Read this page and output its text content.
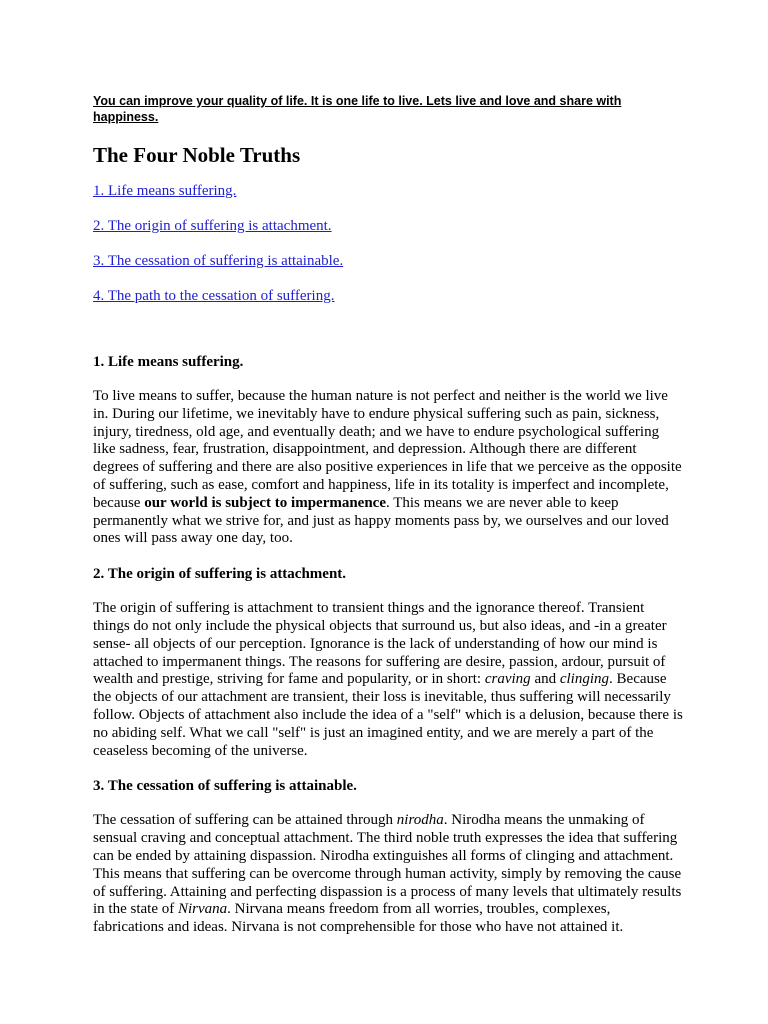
You can improve your quality of life. It is one life to live. Lets live and love and share with happiness.

The Four Noble Truths
1. Life means suffering.
2. The origin of suffering is attachment.
3. The cessation of suffering is attainable.
4. The path to the cessation of suffering.
1. Life means suffering.

To live means to suffer, because the human nature is not perfect and neither is the world we live in. During our lifetime, we inevitably have to endure physical suffering such as pain, sickness, injury, tiredness, old age, and eventually death; and we have to endure psychological suffering like sadness, fear, frustration, disappointment, and depression. Although there are different degrees of suffering and there are also positive experiences in life that we perceive as the opposite of suffering, such as ease, comfort and happiness, life in its totality is imperfect and incomplete, because our world is subject to impermanence. This means we are never able to keep permanently what we strive for, and just as happy moments pass by, we ourselves and our loved ones will pass away one day, too.

2. The origin of suffering is attachment.

The origin of suffering is attachment to transient things and the ignorance thereof. Transient things do not only include the physical objects that surround us, but also ideas, and -in a greater sense- all objects of our perception. Ignorance is the lack of understanding of how our mind is attached to impermanent things. The reasons for suffering are desire, passion, ardour, pursuit of wealth and prestige, striving for fame and popularity, or in short: craving and clinging. Because the objects of our attachment are transient, their loss is inevitable, thus suffering will necessarily follow. Objects of attachment also include the idea of a "self" which is a delusion, because there is no abiding self. What we call "self" is just an imagined entity, and we are merely a part of the ceaseless becoming of the universe.

3. The cessation of suffering is attainable.

The cessation of suffering can be attained through nirodha. Nirodha means the unmaking of sensual craving and conceptual attachment. The third noble truth expresses the idea that suffering can be ended by attaining dispassion. Nirodha extinguishes all forms of clinging and attachment. This means that suffering can be overcome through human activity, simply by removing the cause of suffering. Attaining and perfecting dispassion is a process of many levels that ultimately results in the state of Nirvana. Nirvana means freedom from all worries, troubles, complexes, fabrications and ideas. Nirvana is not comprehensible for those who have not attained it.
